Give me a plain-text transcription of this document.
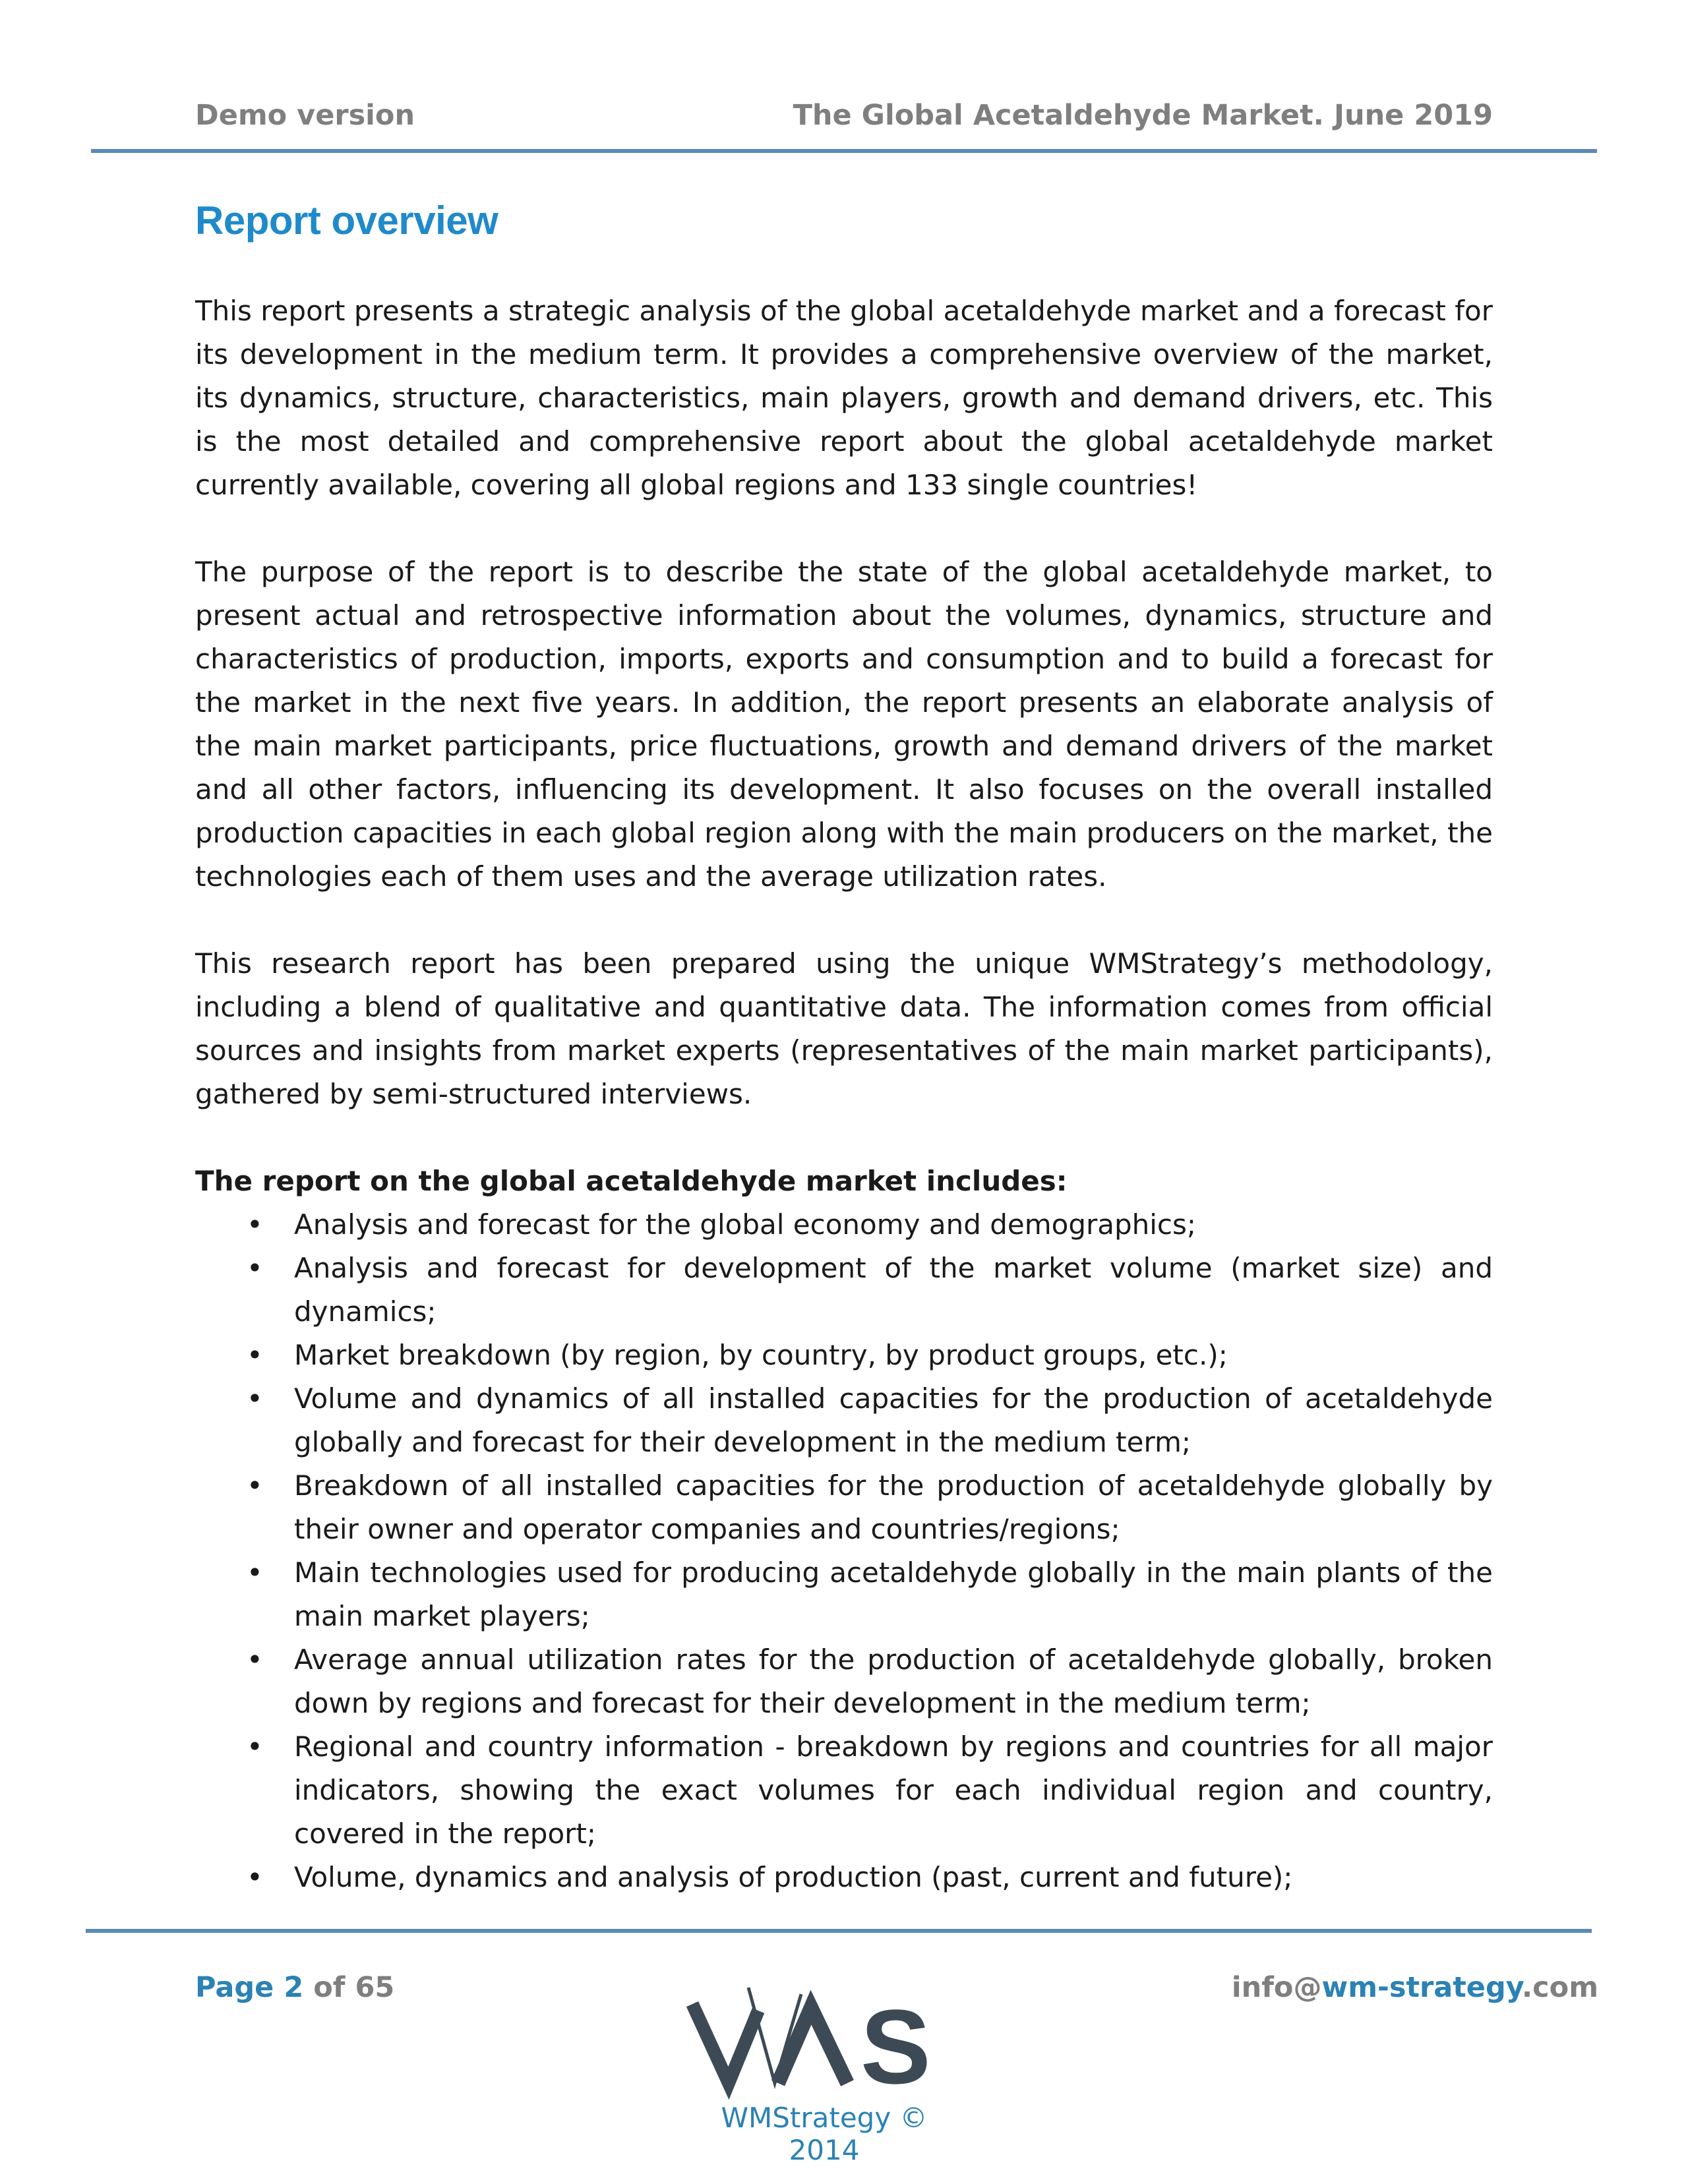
Demo version	The Global Acetaldehyde Market. June 2019
Report overview

This report presents a strategic analysis of the global acetaldehyde market and a forecast for its development in the medium term. It provides a comprehensive overview of the market, its dynamics, structure, characteristics, main players, growth and demand drivers, etc. This is the most detailed and comprehensive report about the global acetaldehyde market currently available, covering all global regions and 133 single countries!

The purpose of the report is to describe the state of the global acetaldehyde market, to present actual and retrospective information about the volumes, dynamics, structure and characteristics of production, imports, exports and consumption and to build a forecast for the market in the next five years. In addition, the report presents an elaborate analysis of the main market participants, price fluctuations, growth and demand drivers of the market and all other factors, influencing its development. It also focuses on the overall installed production capacities in each global region along with the main producers on the market, the technologies each of them uses and the average utilization rates.

This research report has been prepared using the unique WMStrategy’s methodology, including a blend of qualitative and quantitative data. The information comes from official sources and insights from market experts (representatives of the main market participants), gathered by semi-structured interviews.

The report on the global acetaldehyde market includes:

• Analysis and forecast for the global economy and demographics;
• Analysis and forecast for development of the market volume (market size) and dynamics;
• Market breakdown (by region, by country, by product groups, etc.);
• Volume and dynamics of all installed capacities for the production of acetaldehyde globally and forecast for their development in the medium term;
• Breakdown of all installed capacities for the production of acetaldehyde globally by their owner and operator companies and countries/regions;
• Main technologies used for producing acetaldehyde globally in the main plants of the main market players;
• Average annual utilization rates for the production of acetaldehyde globally, broken down by regions and forecast for their development in the medium term;
• Regional and country information - breakdown by regions and countries for all major indicators, showing the exact volumes for each individual region and country, covered in the report;
• Volume, dynamics and analysis of production (past, current and future);
Page 2 of 65	info@wm-strategy.com
S
WMStrategy © 2014
